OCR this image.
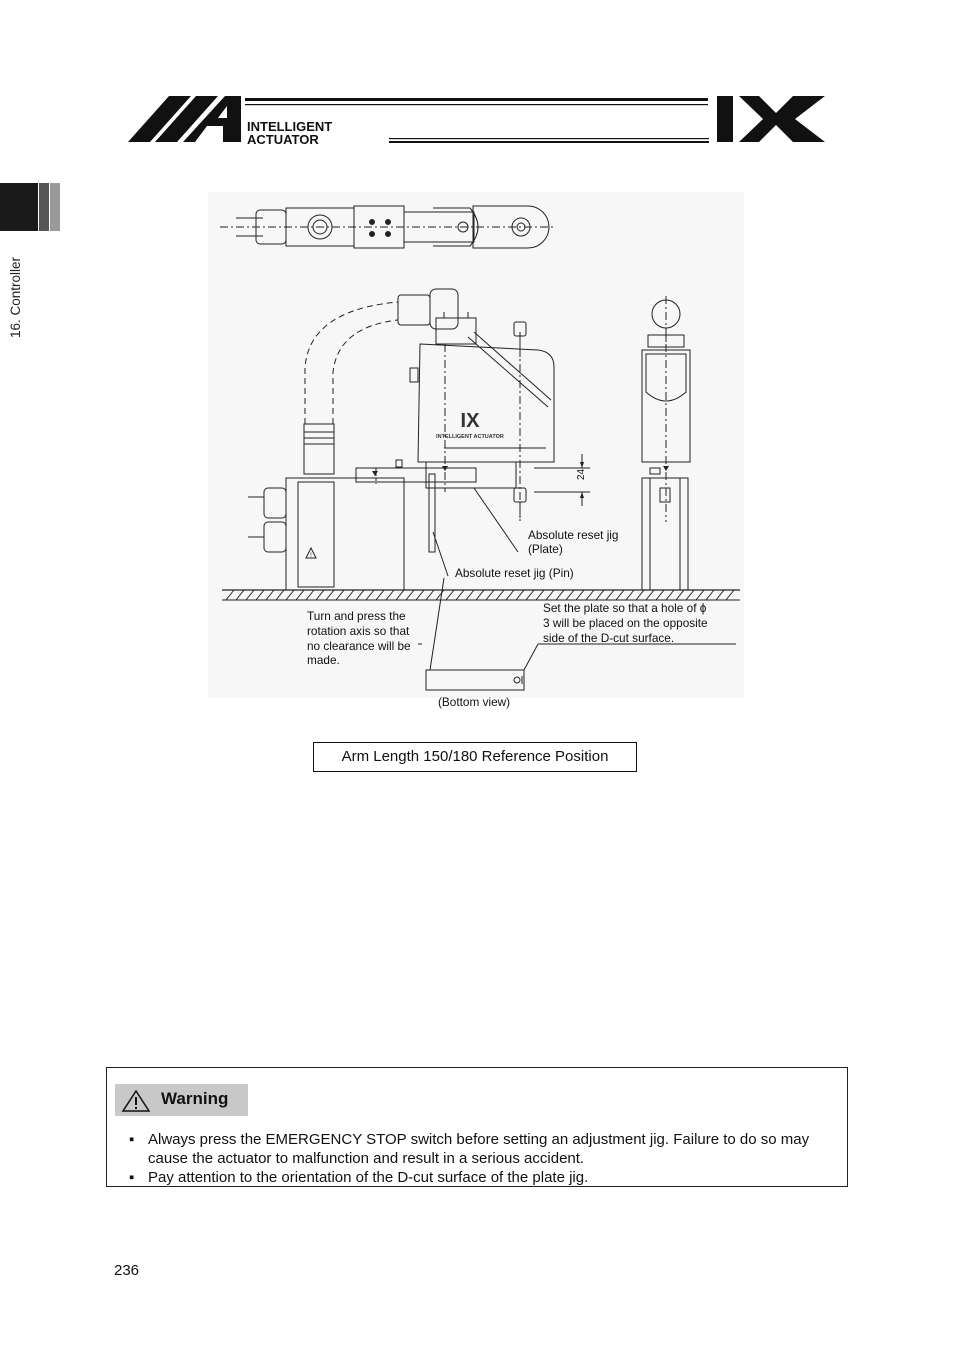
INTELLIGENT
ACTUATOR
16. Controller
!
IX
INTELLIGENT ACTUATOR
24
Absolute reset jig
(Plate)
Absolute reset jig (Pin)
Turn and press the
rotation axis so that
no clearance will be
made.
Set the plate so that a hole of ϕ
3 will be placed on the opposite
side of the D-cut surface.
(Bottom view)
Arm Length 150/180 Reference Position
Warning
▪ Always press the EMERGENCY STOP switch before setting an adjustment jig. Failure to do so may cause the actuator to malfunction and result in a serious accident.
▪ Pay attention to the orientation of the D-cut surface of the plate jig.
236
